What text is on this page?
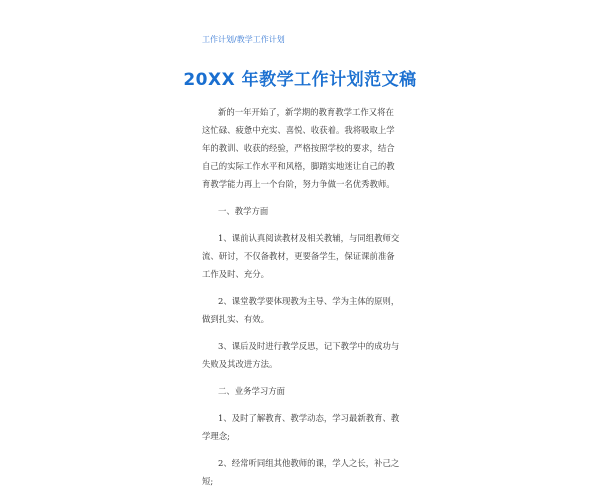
工作计划/教学工作计划
20XX 年教学工作计划范文稿

新的一年开始了，新学期的教育教学工作又将在这忙碌、疲惫中充实、喜悦、收获着。我将吸取上学年的教训、收获的经验，严格按照学校的要求，结合自己的实际工作水平和风格，脚踏实地迷让自己的教育教学能力再上一个台阶，努力争做一名优秀教师。

一、教学方面

1、课前认真阅读教材及相关教辅，与同组教师交流、研讨，不仅备教材，更要备学生，保证课前准备工作及时、充分。

2、课堂教学要体现教为主导、学为主体的原则，做到扎实、有效。

3、课后及时进行教学反思，记下教学中的成功与失败及其改进方法。

二、业务学习方面

1、及时了解教育、教学动态，学习最新教育、教学理念;

2、经常听同组其他教师的课，学人之长，补己之短;
